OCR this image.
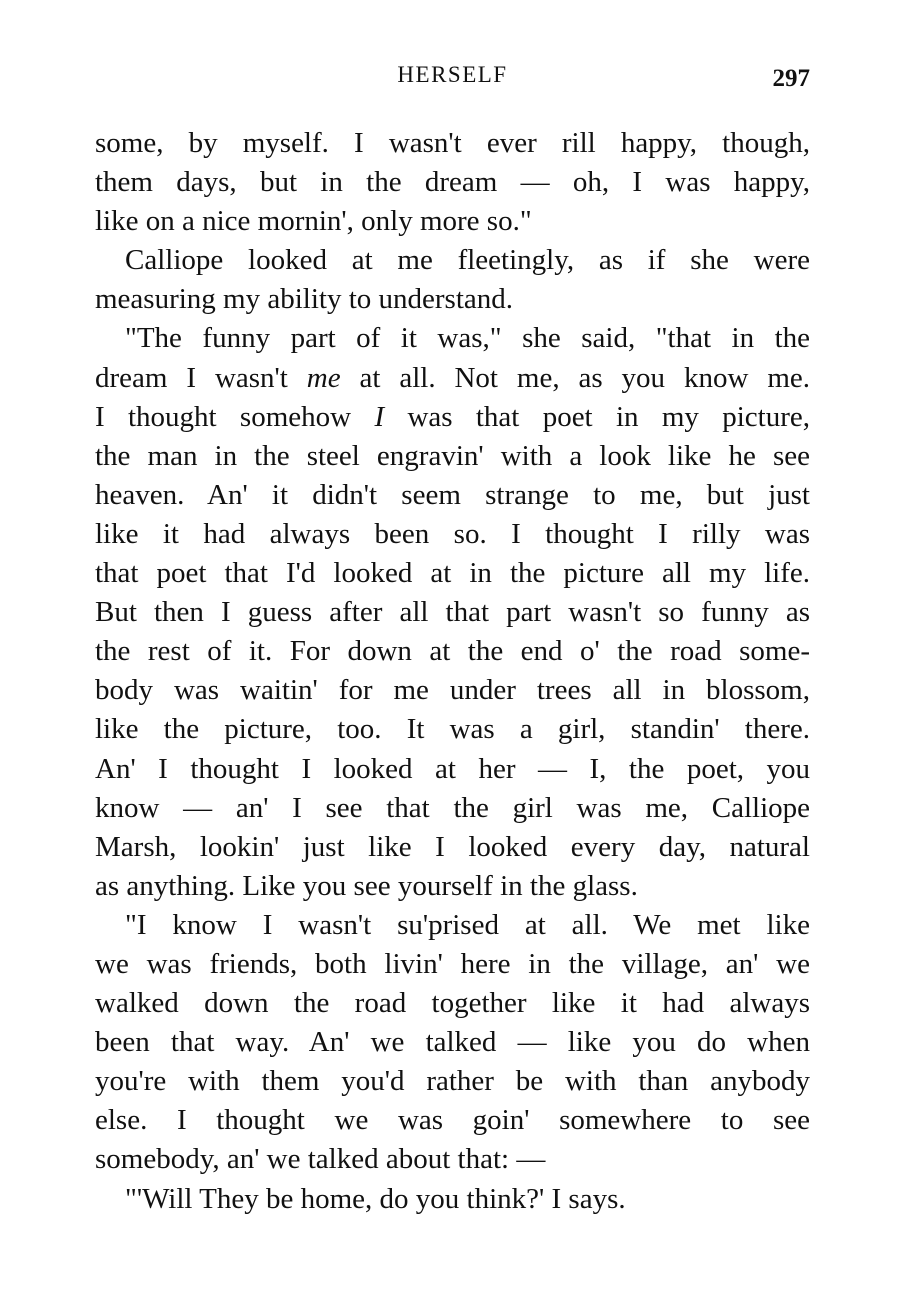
HERSELF	297
some, by myself. I wasn't ever rill happy, though,
them days, but in the dream — oh, I was happy,
like on a nice mornin', only more so."
Calliope looked at me fleetingly, as if she were
measuring my ability to understand.
"The funny part of it was," she said, "that in the
dream I wasn't me at all. Not me, as you know me.
I thought somehow I was that poet in my picture,
the man in the steel engravin' with a look like he see
heaven. An' it didn't seem strange to me, but just
like it had always been so. I thought I rilly was
that poet that I'd looked at in the picture all my life.
But then I guess after all that part wasn't so funny as
the rest of it. For down at the end o' the road some-
body was waitin' for me under trees all in blossom,
like the picture, too. It was a girl, standin' there.
An' I thought I looked at her — I, the poet, you
know — an' I see that the girl was me, Calliope
Marsh, lookin' just like I looked every day, natural
as anything. Like you see yourself in the glass.
"I know I wasn't su'prised at all. We met like
we was friends, both livin' here in the village, an' we
walked down the road together like it had always
been that way. An' we talked — like you do when
you're with them you'd rather be with than anybody
else. I thought we was goin' somewhere to see
somebody, an' we talked about that: —
"'Will They be home, do you think?' I says.
